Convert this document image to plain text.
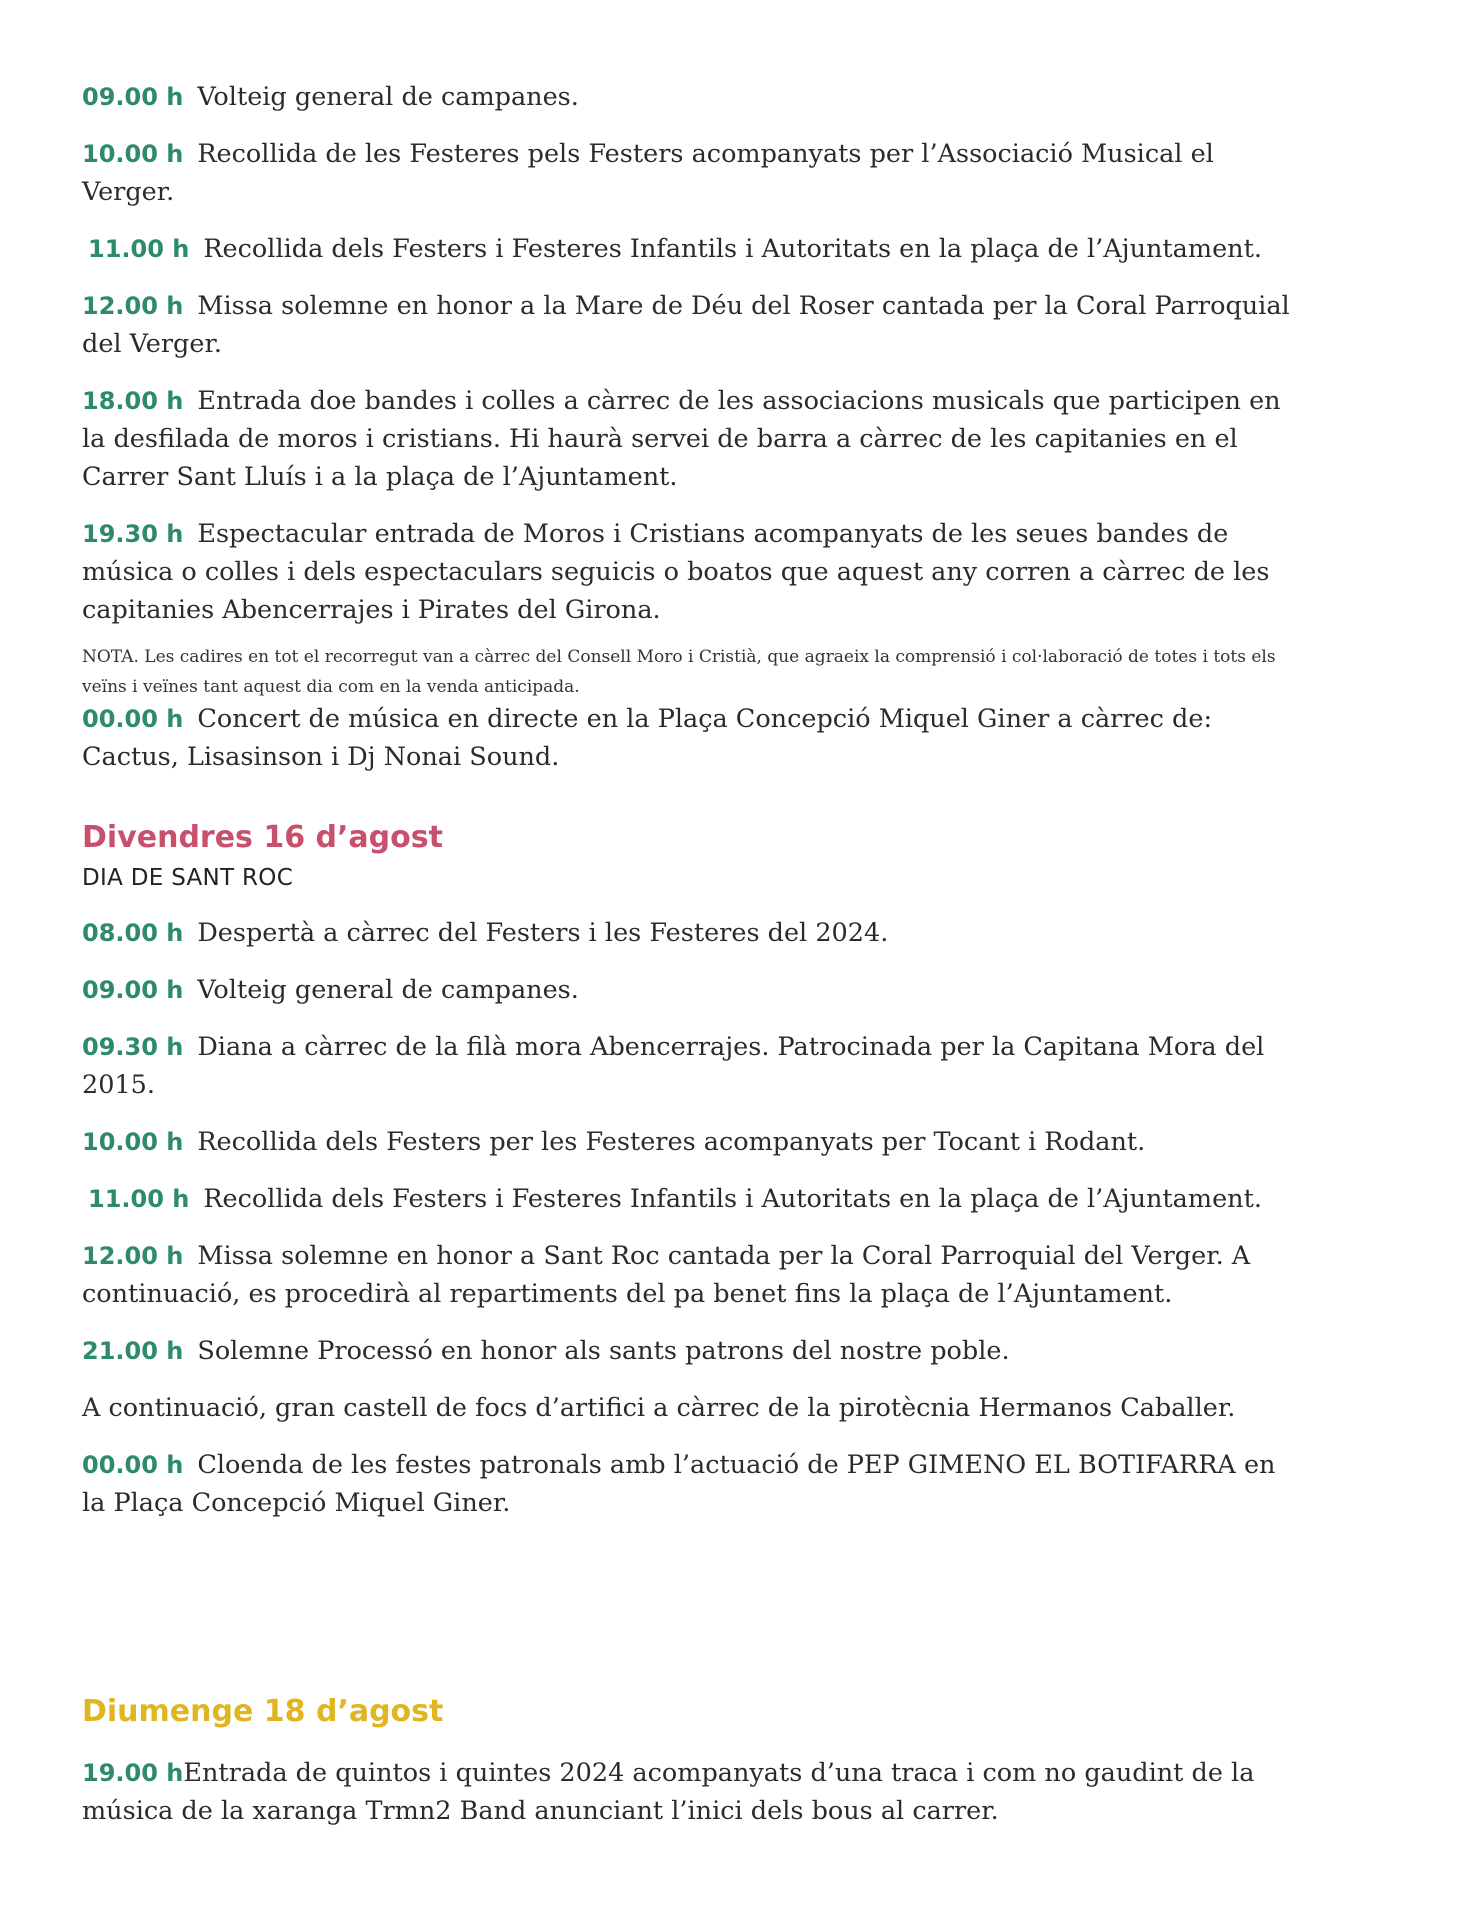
09.00 h Volteig general de campanes.

10.00 h Recollida de les Festeres pels Festers acompanyats per l’Associació Musical el Verger.

11.00 h Recollida dels Festers i Festeres Infantils i Autoritats en la plaça de l’Ajuntament.

12.00 h Missa solemne en honor a la Mare de Déu del Roser cantada per la Coral Parroquial del Verger.

18.00 h Entrada doe bandes i colles a càrrec de les associacions musicals que participen en la desfilada de moros i cristians. Hi haurà servei de barra a càrrec de les capitanies en el Carrer Sant Lluís i a la plaça de l’Ajuntament.

19.30 h Espectacular entrada de Moros i Cristians acompanyats de les seues bandes de música o colles i dels espectaculars seguicis o boatos que aquest any corren a càrrec de les capitanies Abencerrajes i Pirates del Girona.

NOTA. Les cadires en tot el recorregut van a càrrec del Consell Moro i Cristià, que agraeix la comprensió i col·laboració de totes i tots els veïns i veïnes tant aquest dia com en la venda anticipada.

00.00 h Concert de música en directe en la Plaça Concepció Miquel Giner a càrrec de: Cactus, Lisasinson i Dj Nonai Sound.

Divendres 16 d’agost
DIA DE SANT ROC

08.00 h Despertà a càrrec del Festers i les Festeres del 2024.

09.00 h Volteig general de campanes.

09.30 h Diana a càrrec de la filà mora Abencerrajes. Patrocinada per la Capitana Mora del 2015.

10.00 h Recollida dels Festers per les Festeres acompanyats per Tocant i Rodant.

11.00 h Recollida dels Festers i Festeres Infantils i Autoritats en la plaça de l’Ajuntament.

12.00 h Missa solemne en honor a Sant Roc cantada per la Coral Parroquial del Verger. A continuació, es procedirà al repartiments del pa benet fins la plaça de l’Ajuntament.

21.00 h Solemne Processó en honor als sants patrons del nostre poble.

A continuació, gran castell de focs d’artifici a càrrec de la pirotècnia Hermanos Caballer.

00.00 h Cloenda de les festes patronals amb l’actuació de PEP GIMENO EL BOTIFARRA en la Plaça Concepció Miquel Giner.

Diumenge 18 d’agost

19.00 hEntrada de quintos i quintes 2024 acompanyats d’una traca i com no gaudint de la música de la xaranga Trmn2 Band anunciant l’inici dels bous al carrer.
